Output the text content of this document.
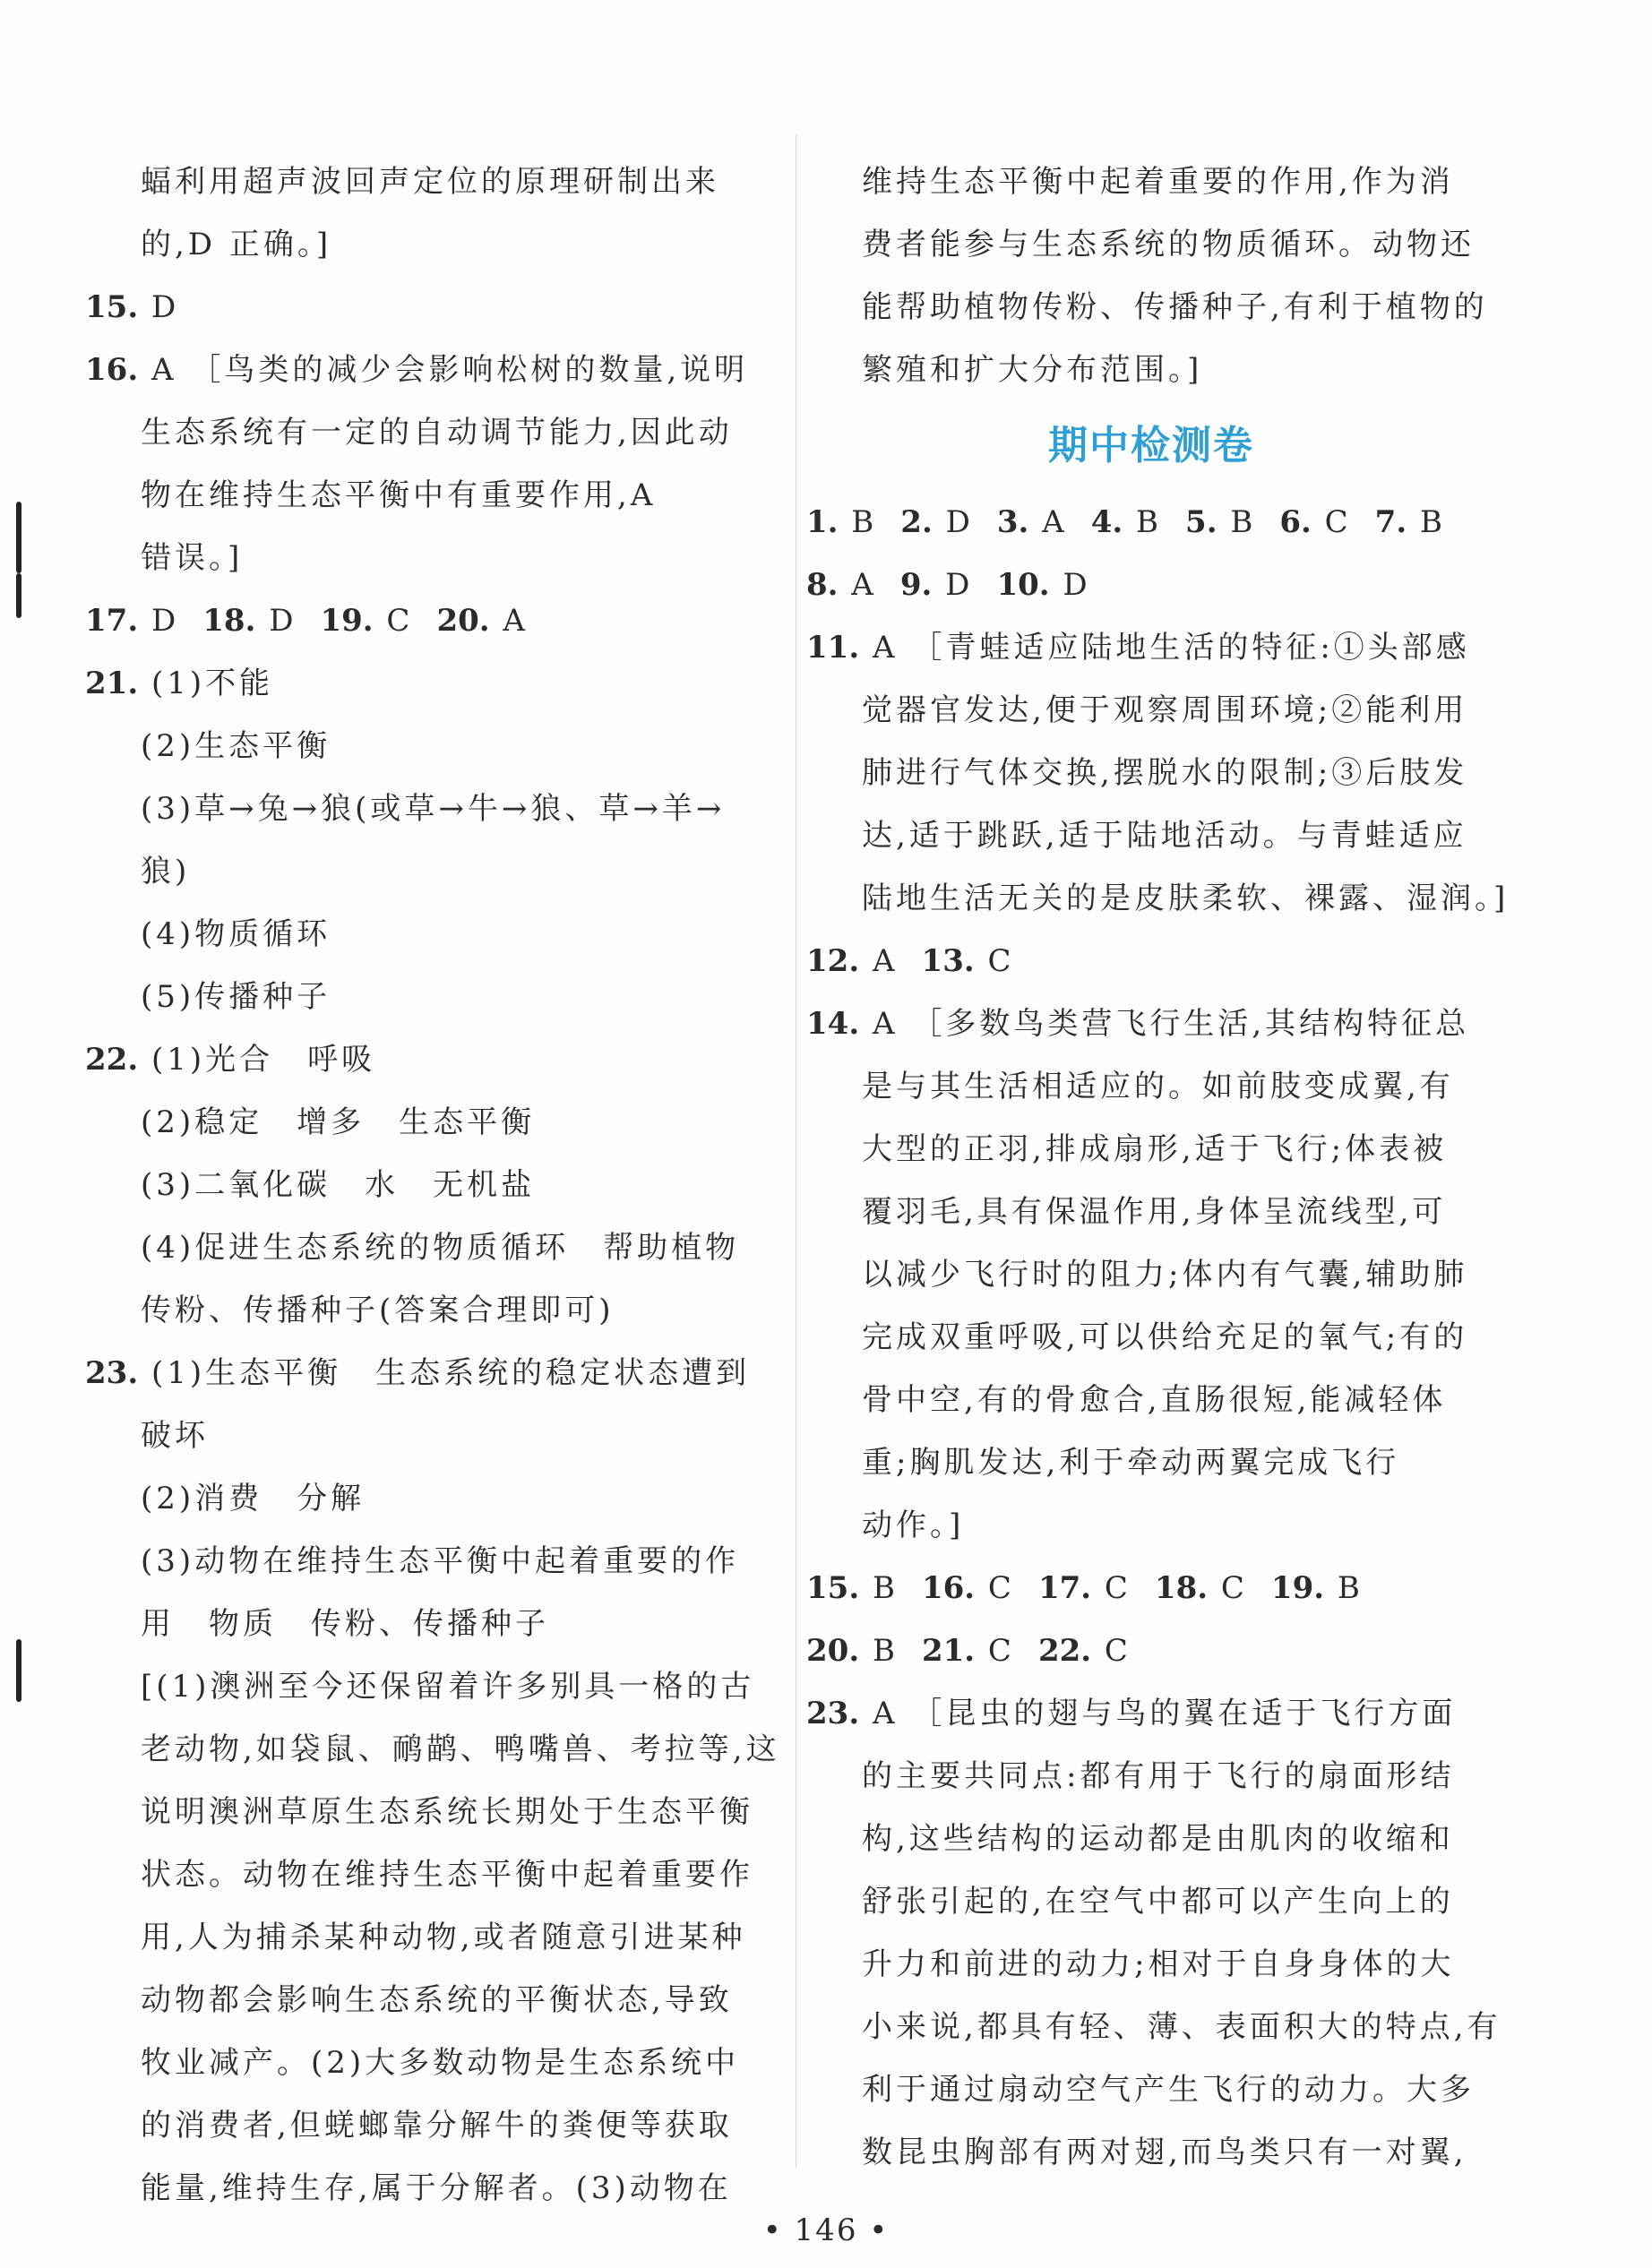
蝠利用超声波回声定位的原理研制出来
的,D 正确。]
15. D
16. A ［鸟类的减少会影响松树的数量,说明
生态系统有一定的自动调节能力,因此动
物在维持生态平衡中有重要作用,A
错误。]
17. D 18. D 19. C 20. A
21. (1)不能
(2)生态平衡
(3)草→兔→狼(或草→牛→狼、草→羊→
狼)
(4)物质循环
(5)传播种子
22. (1)光合　呼吸
(2)稳定　增多　生态平衡
(3)二氧化碳　水　无机盐
(4)促进生态系统的物质循环　帮助植物
传粉、传播种子(答案合理即可)
23. (1)生态平衡　生态系统的稳定状态遭到
破坏
(2)消费　分解
(3)动物在维持生态平衡中起着重要的作
用　物质　传粉、传播种子
[(1)澳洲至今还保留着许多别具一格的古
老动物,如袋鼠、鸸鹋、鸭嘴兽、考拉等,这
说明澳洲草原生态系统长期处于生态平衡
状态。动物在维持生态平衡中起着重要作
用,人为捕杀某种动物,或者随意引进某种
动物都会影响生态系统的平衡状态,导致
牧业减产。(2)大多数动物是生态系统中
的消费者,但蜣螂靠分解牛的粪便等获取
能量,维持生存,属于分解者。(3)动物在
维持生态平衡中起着重要的作用,作为消
费者能参与生态系统的物质循环。动物还
能帮助植物传粉、传播种子,有利于植物的
繁殖和扩大分布范围。]
期中检测卷
1. B 2. D 3. A 4. B 5. B 6. C 7. B
8. A 9. D 10. D
11. A ［青蛙适应陆地生活的特征:①头部感
觉器官发达,便于观察周围环境;②能利用
肺进行气体交换,摆脱水的限制;③后肢发
达,适于跳跃,适于陆地活动。与青蛙适应
陆地生活无关的是皮肤柔软、裸露、湿润。]
12. A 13. C
14. A ［多数鸟类营飞行生活,其结构特征总
是与其生活相适应的。如前肢变成翼,有
大型的正羽,排成扇形,适于飞行;体表被
覆羽毛,具有保温作用,身体呈流线型,可
以减少飞行时的阻力;体内有气囊,辅助肺
完成双重呼吸,可以供给充足的氧气;有的
骨中空,有的骨愈合,直肠很短,能减轻体
重;胸肌发达,利于牵动两翼完成飞行
动作。]
15. B 16. C 17. C 18. C 19. B
20. B 21. C 22. C
23. A ［昆虫的翅与鸟的翼在适于飞行方面
的主要共同点:都有用于飞行的扇面形结
构,这些结构的运动都是由肌肉的收缩和
舒张引起的,在空气中都可以产生向上的
升力和前进的动力;相对于自身身体的大
小来说,都具有轻、薄、表面积大的特点,有
利于通过扇动空气产生飞行的动力。大多
数昆虫胸部有两对翅,而鸟类只有一对翼,
• 146 •
